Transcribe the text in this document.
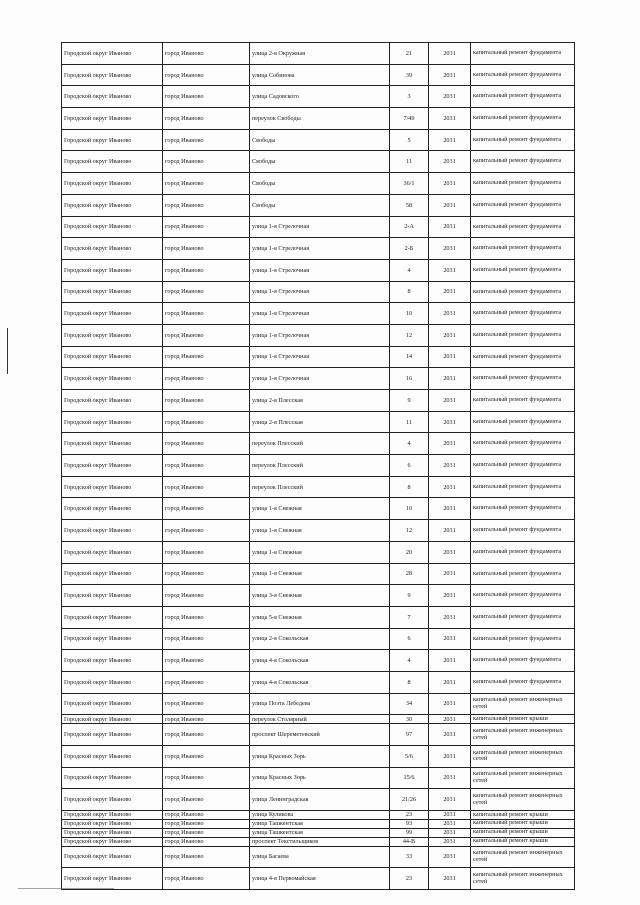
Городской округ Иваново	город Иваново	улица 2-я Окружная	21	2031	капитальный ремонт фундамента
Городской округ Иваново	город Иваново	улица Собинова	39	2031	капитальный ремонт фундамента
Городской округ Иваново	город Иваново	улица Садовского	3	2031	капитальный ремонт фундамента
Городской округ Иваново	город Иваново	переулок Свободы	7/49	2031	капитальный ремонт фундамента
Городской округ Иваново	город Иваново	Свободы	5	2031	капитальный ремонт фундамента
Городской округ Иваново	город Иваново	Свободы	11	2031	капитальный ремонт фундамента
Городской округ Иваново	город Иваново	Свободы	36/1	2031	капитальный ремонт фундамента
Городской округ Иваново	город Иваново	Свободы	58	2031	капитальный ремонт фундамента
Городской округ Иваново	город Иваново	улица 1-я Стрелочная	2-А	2031	капитальный ремонт фундамента
Городской округ Иваново	город Иваново	улица 1-я Стрелочная	2-Б	2031	капитальный ремонт фундамента
Городской округ Иваново	город Иваново	улица 1-я Стрелочная	4	2031	капитальный ремонт фундамента
Городской округ Иваново	город Иваново	улица 1-я Стрелочная	8	2031	капитальный ремонт фундамента
Городской округ Иваново	город Иваново	улица 1-я Стрелочная	10	2031	капитальный ремонт фундамента
Городской округ Иваново	город Иваново	улица 1-я Стрелочная	12	2031	капитальный ремонт фундамента
Городской округ Иваново	город Иваново	улица 1-я Стрелочная	14	2031	капитальный ремонт фундамента
Городской округ Иваново	город Иваново	улица 1-я Стрелочная	16	2031	капитальный ремонт фундамента
Городской округ Иваново	город Иваново	улица 2-я Плесская	9	2031	капитальный ремонт фундамента
Городской округ Иваново	город Иваново	улица 2-я Плесская	11	2031	капитальный ремонт фундамента
Городской округ Иваново	город Иваново	переулок Плесский	4	2031	капитальный ремонт фундамента
Городской округ Иваново	город Иваново	переулок Плесский	6	2031	капитальный ремонт фундамента
Городской округ Иваново	город Иваново	переулок Плесский	8	2031	капитальный ремонт фундамента
Городской округ Иваново	город Иваново	улица 1-я Снежная	10	2031	капитальный ремонт фундамента
Городской округ Иваново	город Иваново	улица 1-я Снежная	12	2031	капитальный ремонт фундамента
Городской округ Иваново	город Иваново	улица 1-я Снежная	20	2031	капитальный ремонт фундамента
Городской округ Иваново	город Иваново	улица 1-я Снежная	28	2031	капитальный ремонт фундамента
Городской округ Иваново	город Иваново	улица 3-я Снежная	9	2031	капитальный ремонт фундамента
Городской округ Иваново	город Иваново	улица 5-я Снежная	7	2031	капитальный ремонт фундамента
Городской округ Иваново	город Иваново	улица 2-я Сокольская	6	2031	капитальный ремонт фундамента
Городской округ Иваново	город Иваново	улица 4-я Сокольская	4	2031	капитальный ремонт фундамента
Городской округ Иваново	город Иваново	улица 4-я Сокольская	8	2031	капитальный ремонт фундамента
Городской округ Иваново	город Иваново	улица Поэта Лебедева	34	2031	капитальный ремонт инженерных сетей
Городской округ Иваново	город Иваново	переулок Столярный	30	2031	капитальный ремонт крыши
Городской округ Иваново	город Иваново	проспект Шереметевский	97	2031	капитальный ремонт инженерных сетей
Городской округ Иваново	город Иваново	улица Красных Зорь	5/6	2031	капитальный ремонт инженерных сетей
Городской округ Иваново	город Иваново	улица Красных Зорь	15/6	2031	капитальный ремонт инженерных сетей
Городской округ Иваново	город Иваново	улица Ленинградская	21/26	2031	капитальный ремонт инженерных сетей
Городской округ Иваново	город Иваново	улица Куликова	23	2031	капитальный ремонт крыши
Городской округ Иваново	город Иваново	улица Ташкентская	93	2031	капитальный ремонт крыши
Городской округ Иваново	город Иваново	улица Ташкентская	99	2031	капитальный ремонт крыши
Городской округ Иваново	город Иваново	проспект Текстильщиков	44-В	2031	капитальный ремонт крыши
Городской округ Иваново	город Иваново	улица Багаева	33	2031	капитальный ремонт инженерных сетей
Городской округ Иваново	город Иваново	улица 4-я Первомайская	23	2031	капитальный ремонт инженерных сетей
